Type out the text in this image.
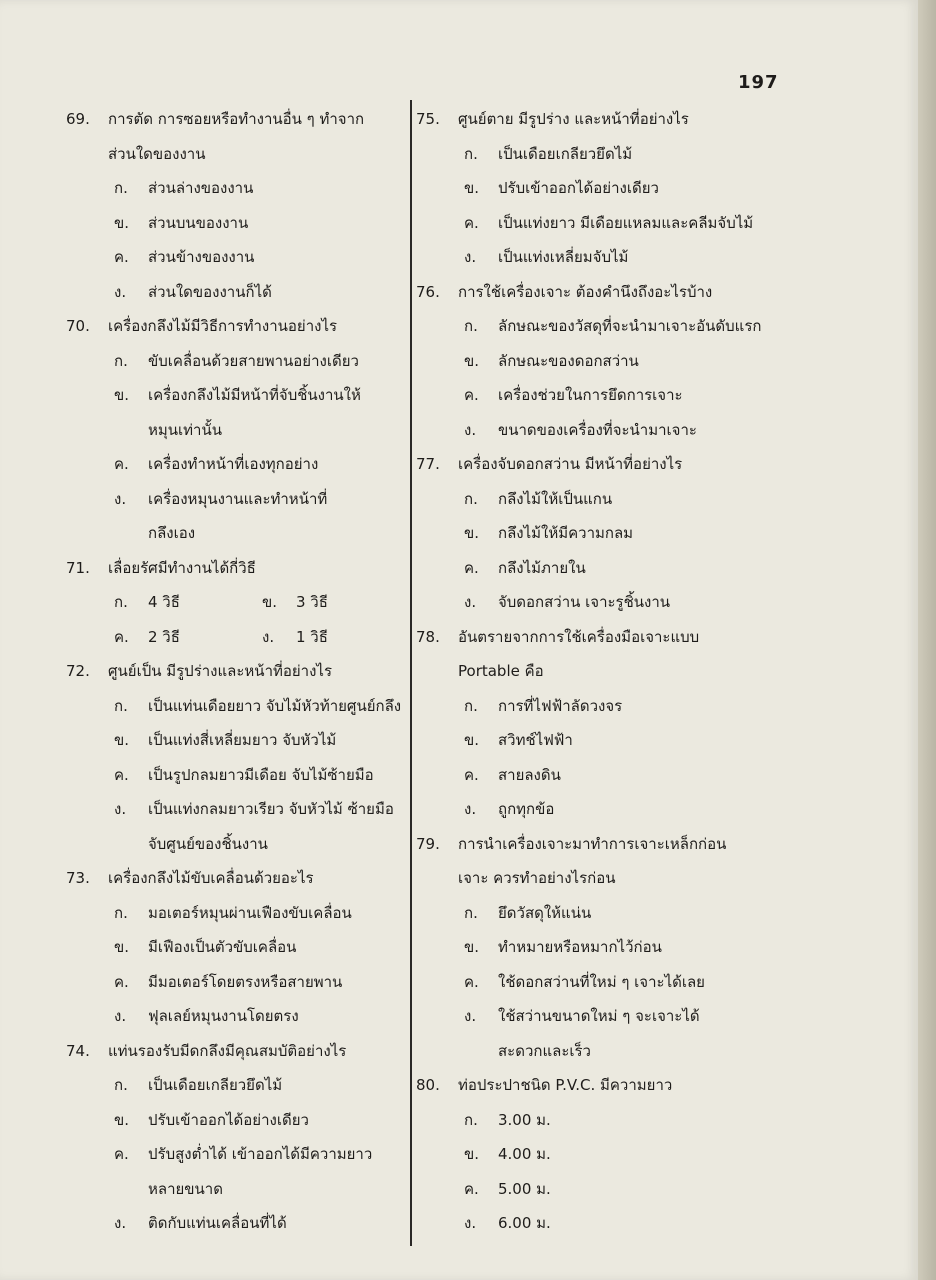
197
69. การตัด การซอยหรือทำงานอื่น ๆ ทำจาก
ส่วนใดของงาน
ก. ส่วนล่างของงาน
ข. ส่วนบนของงาน
ค. ส่วนข้างของงาน
ง. ส่วนใดของงานก็ได้
70. เครื่องกลึงไม้มีวิธีการทำงานอย่างไร
ก. ขับเคลื่อนด้วยสายพานอย่างเดียว
ข. เครื่องกลึงไม้มีหน้าที่จับชิ้นงานให้
หมุนเท่านั้น
ค. เครื่องทำหน้าที่เองทุกอย่าง
ง. เครื่องหมุนงานและทำหน้าที่
กลึงเอง
71. เลื่อยรัศมีทำงานได้กี่วิธี
ก. 4 วิธี	ข. 3 วิธี
ค. 2 วิธี	ง. 1 วิธี
72. ศูนย์เป็น มีรูปร่างและหน้าที่อย่างไร
ก. เป็นแท่นเดือยยาว จับไม้หัวท้ายศูนย์กลึง
ข. เป็นแท่งสี่เหลี่ยมยาว จับหัวไม้
ค. เป็นรูปกลมยาวมีเดือย จับไม้ซ้ายมือ
ง. เป็นแท่งกลมยาวเรียว จับหัวไม้ ซ้ายมือ
จับศูนย์ของชิ้นงาน
73. เครื่องกลึงไม้ขับเคลื่อนด้วยอะไร
ก. มอเตอร์หมุนผ่านเฟืองขับเคลื่อน
ข. มีเฟืองเป็นตัวขับเคลื่อน
ค. มีมอเตอร์โดยตรงหรือสายพาน
ง. ฟุลเลย์หมุนงานโดยตรง
74. แท่นรองรับมีดกลึงมีคุณสมบัติอย่างไร
ก. เป็นเดือยเกลียวยึดไม้
ข. ปรับเข้าออกได้อย่างเดียว
ค. ปรับสูงต่ำได้ เข้าออกได้มีความยาว
หลายขนาด
ง. ติดกับแท่นเคลื่อนที่ได้
75. ศูนย์ตาย มีรูปร่าง และหน้าที่อย่างไร
ก. เป็นเดือยเกลียวยึดไม้
ข. ปรับเข้าออกได้อย่างเดียว
ค. เป็นแท่งยาว มีเดือยแหลมและคลีมจับไม้
ง. เป็นแท่งเหลี่ยมจับไม้
76. การใช้เครื่องเจาะ ต้องคำนึงถึงอะไรบ้าง
ก. ลักษณะของวัสดุที่จะนำมาเจาะอันดับแรก
ข. ลักษณะของดอกสว่าน
ค. เครื่องช่วยในการยึดการเจาะ
ง. ขนาดของเครื่องที่จะนำมาเจาะ
77. เครื่องจับดอกสว่าน มีหน้าที่อย่างไร
ก. กลึงไม้ให้เป็นแกน
ข. กลึงไม้ให้มีความกลม
ค. กลึงไม้ภายใน
ง. จับดอกสว่าน เจาะรูชิ้นงาน
78. อันตรายจากการใช้เครื่องมือเจาะแบบ
Portable คือ
ก. การที่ไฟฟ้าลัดวงจร
ข. สวิทช์ไฟฟ้า
ค. สายลงดิน
ง. ถูกทุกข้อ
79. การนำเครื่องเจาะมาทำการเจาะเหล็กก่อน
เจาะ ควรทำอย่างไรก่อน
ก. ยึดวัสดุให้แน่น
ข. ทำหมายหรือหมากไว้ก่อน
ค. ใช้ดอกสว่านที่ใหม่ ๆ เจาะได้เลย
ง. ใช้สว่านขนาดใหม่ ๆ จะเจาะได้
สะดวกและเร็ว
80. ท่อประปาชนิด P.V.C. มีความยาว
ก. 3.00 ม.
ข. 4.00 ม.
ค. 5.00 ม.
ง. 6.00 ม.
